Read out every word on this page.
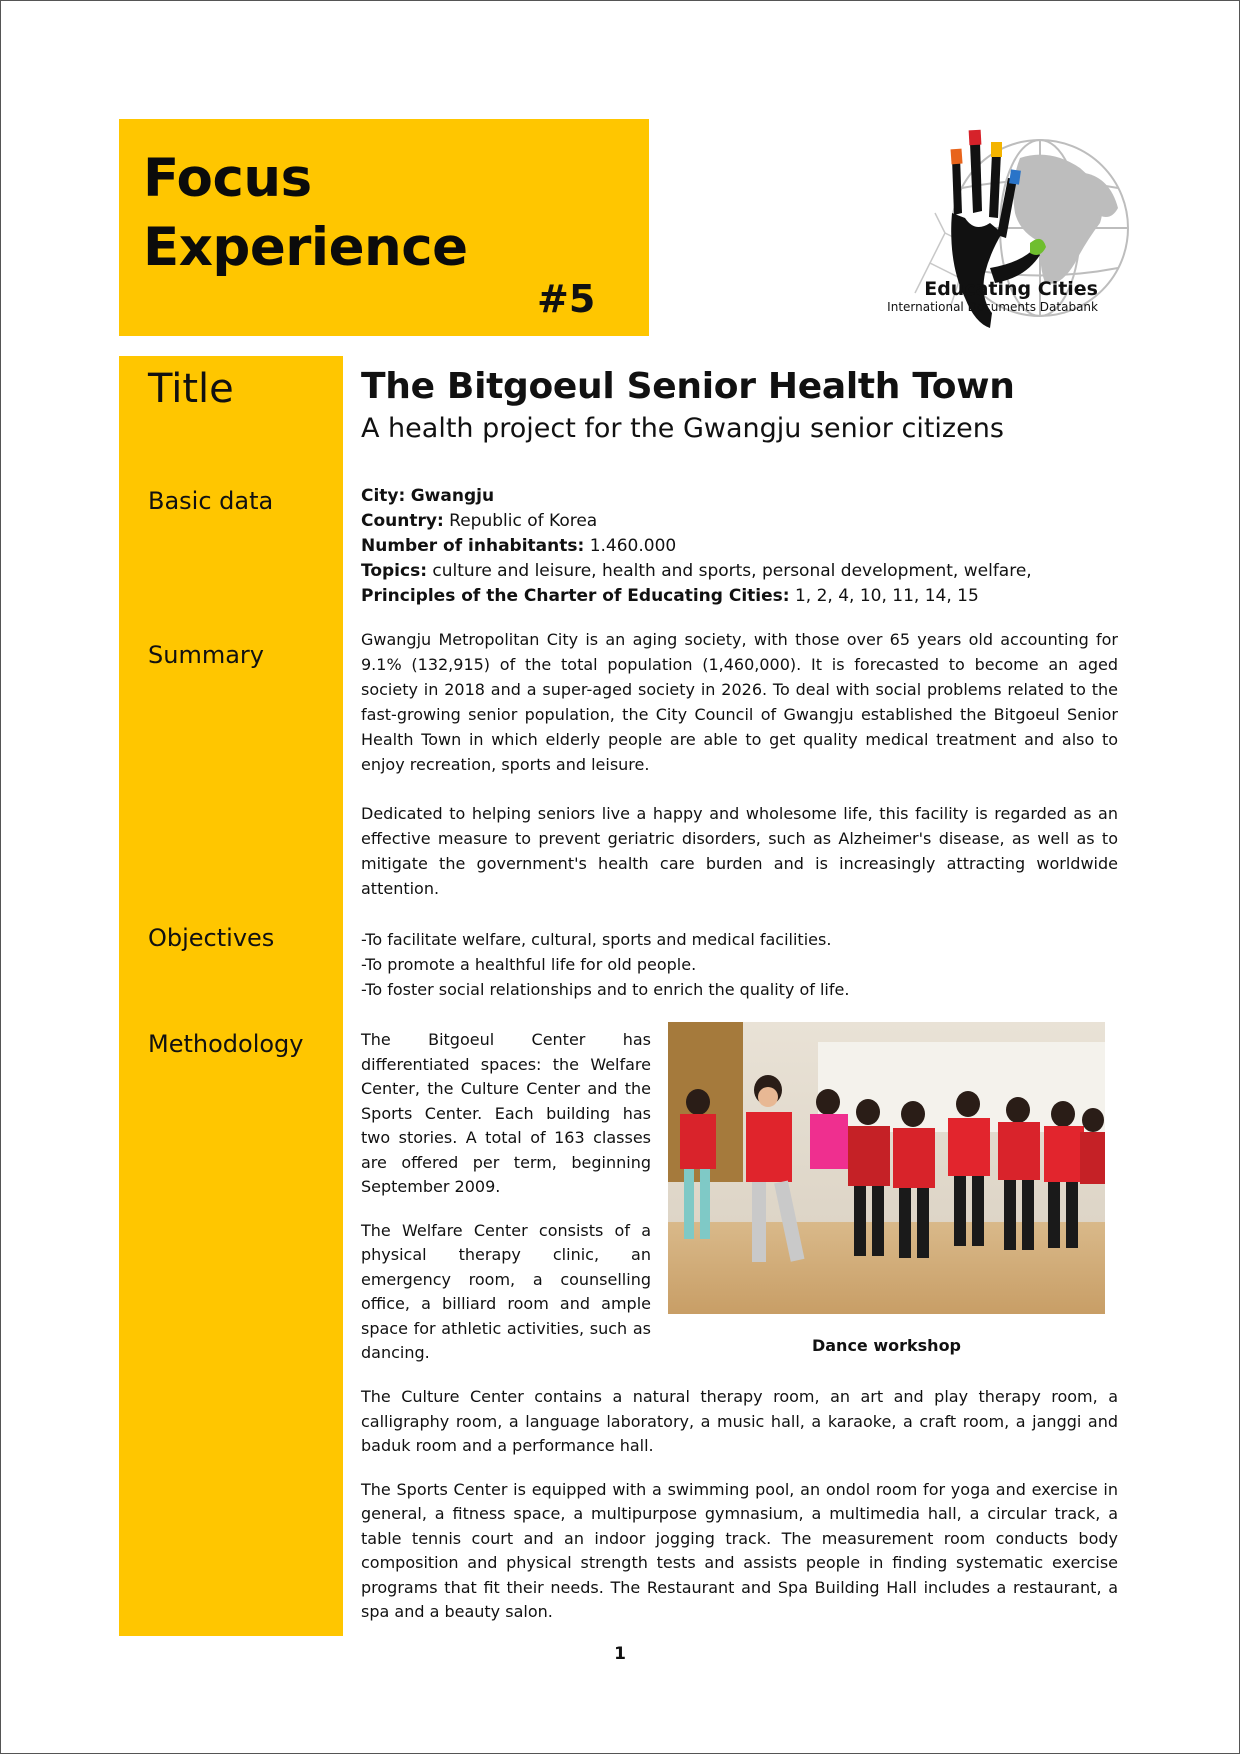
Focus
Experience
#5	Educating Cities
International Documents Databank
Title
Basic data
Summary
Objectives
Methodology
The Bitgoeul Senior Health Town
A health project for the Gwangju senior citizens

City: Gwangju

Country: Republic of Korea

Number of inhabitants: 1.460.000

Topics: culture and leisure, health and sports, personal development, welfare,

Principles of the Charter of Educating Cities: 1, 2, 4, 10, 11, 14, 15

Gwangju Metropolitan City is an aging society, with those over 65 years old accounting for 9.1% (132,915) of the total population (1,460,000). It is forecasted to become an aged society in 2018 and a super-aged society in 2026. To deal with social problems related to the fast-growing senior population, the City Council of Gwangju established the Bitgoeul Senior Health Town in which elderly people are able to get quality medical treatment and also to enjoy recreation, sports and leisure.

Dedicated to helping seniors live a happy and wholesome life, this facility is regarded as an effective measure to prevent geriatric disorders, such as Alzheimer's disease, as well as to mitigate the government's health care burden and is increasingly attracting worldwide attention.

-To facilitate welfare, cultural, sports and medical facilities.

-To promote a healthful life for old people.

-To foster social relationships and to enrich the quality of life.

The Bitgoeul Center has differentiated spaces: the Welfare Center, the Culture Center and the Sports Center. Each building has two stories. A total of 163 classes are offered per term, beginning September 2009.

The Welfare Center consists of a physical therapy clinic, an emergency room, a counselling office, a billiard room and ample space for athletic activities, such as dancing.	Dance workshop

The Culture Center contains a natural therapy room, an art and play therapy room, a calligraphy room, a language laboratory, a music hall, a karaoke, a craft room, a janggi and baduk room and a performance hall.

The Sports Center is equipped with a swimming pool, an ondol room for yoga and exercise in general, a fitness space, a multipurpose gymnasium, a multimedia hall, a circular track, a table tennis court and an indoor jogging track. The measurement room conducts body composition and physical strength tests and assists people in finding systematic exercise programs that fit their needs. The Restaurant and Spa Building Hall includes a restaurant, a spa and a beauty salon.

1
